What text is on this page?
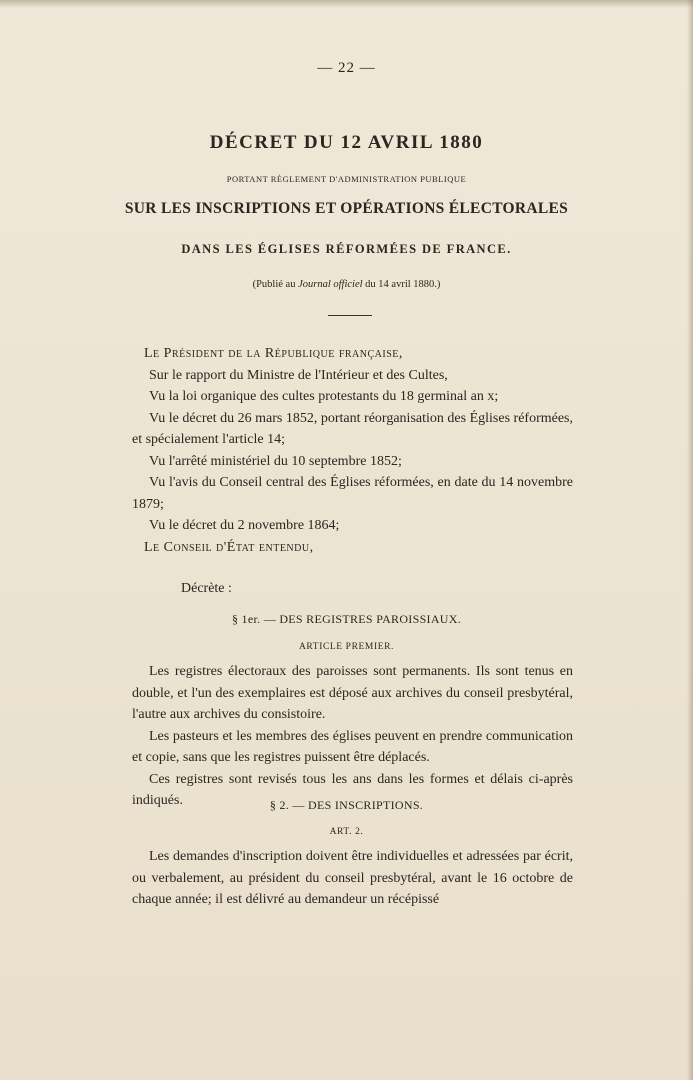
— 22 —

DÉCRET DU 12 AVRIL 1880

PORTANT RÈGLEMENT D'ADMINISTRATION PUBLIQUE

SUR LES INSCRIPTIONS ET OPÉRATIONS ÉLECTORALES

DANS LES ÉGLISES RÉFORMÉES DE FRANCE.

(Publié au Journal officiel du 14 avril 1880.)

Le Président de la République française,
Sur le rapport du Ministre de l'Intérieur et des Cultes,
Vu la loi organique des cultes protestants du 18 germinal an x;
Vu le décret du 26 mars 1852, portant réorganisation des Églises réformées, et spécialement l'article 14;
Vu l'arrêté ministériel du 10 septembre 1852;
Vu l'avis du Conseil central des Églises réformées, en date du 14 novembre 1879;
Vu le décret du 2 novembre 1864;
Le Conseil d'État entendu,

Décrète :

§ 1er. — DES REGISTRES PAROISSIAUX.

ARTICLE PREMIER.

Les registres électoraux des paroisses sont permanents. Ils sont tenus en double, et l'un des exemplaires est déposé aux archives du conseil presbytéral, l'autre aux archives du consistoire.
Les pasteurs et les membres des églises peuvent en prendre communication et copie, sans que les registres puissent être déplacés.
Ces registres sont revisés tous les ans dans les formes et délais ci-après indiqués.	§ 2. — DES INSCRIPTIONS.

ART. 2.

Les demandes d'inscription doivent être individuelles et adressées par écrit, ou verbalement, au président du conseil presbytéral, avant le 16 octobre de chaque année; il est délivré au demandeur un récépissé
